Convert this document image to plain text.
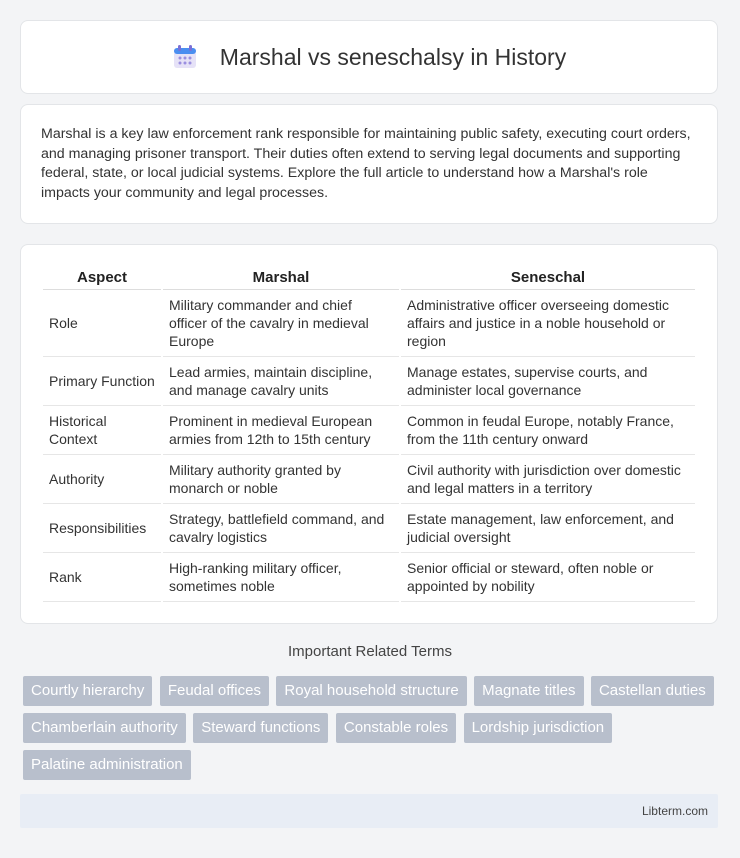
Marshal vs seneschalsy in History
Marshal is a key law enforcement rank responsible for maintaining public safety, executing court orders, and managing prisoner transport. Their duties often extend to serving legal documents and supporting federal, state, or local judicial systems. Explore the full article to understand how a Marshal's role impacts your community and legal processes.
Aspect	Marshal	Seneschal
Role	Military commander and chief officer of the cavalry in medieval Europe	Administrative officer overseeing domestic affairs and justice in a noble household or region
Primary Function	Lead armies, maintain discipline, and manage cavalry units	Manage estates, supervise courts, and administer local governance
Historical Context	Prominent in medieval European armies from 12th to 15th century	Common in feudal Europe, notably France, from the 11th century onward
Authority	Military authority granted by monarch or noble	Civil authority with jurisdiction over domestic and legal matters in a territory
Responsibilities	Strategy, battlefield command, and cavalry logistics	Estate management, law enforcement, and judicial oversight
Rank	High-ranking military officer, sometimes noble	Senior official or steward, often noble or appointed by nobility
Important Related Terms
Courtly hierarchy Feudal offices Royal household structure Magnate titles Castellan duties Chamberlain authority Steward functions Constable roles Lordship jurisdiction Palatine administration
Libterm.com
